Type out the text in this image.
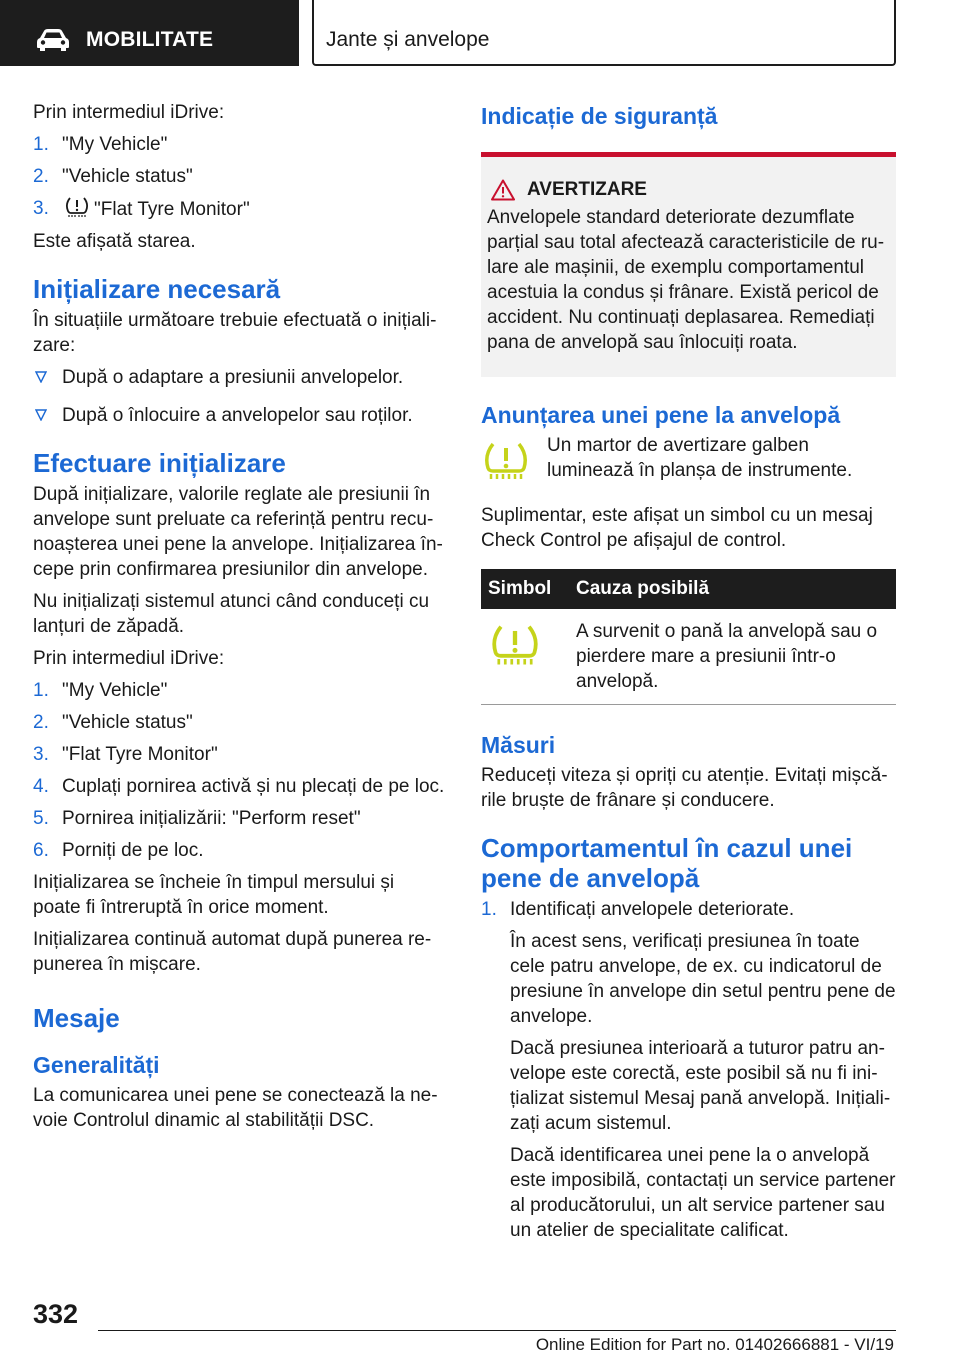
MOBILITATE	Jante și anvelope

Prin intermediul iDrive:

1. "My Vehicle"
2. "Vehicle status"
3. "Flat Tyre Monitor"

Este afișată starea.

Inițializare necesară

În situațiile următoare trebuie efectuată o inițializare:

După o adaptare a presiunii anvelopelor.
După o înlocuire a anvelopelor sau roților.
Efectuare inițializare

După inițializare, valorile reglate ale presiunii în anvelope sunt preluate ca referință pentru recunoașterea unei pene la anvelope. Inițializarea începe prin confirmarea presiunilor din anvelope.

Nu inițializați sistemul atunci când conduceți cu lanțuri de zăpadă.

Prin intermediul iDrive:

1. "My Vehicle"
2. "Vehicle status"
3. "Flat Tyre Monitor"
4. Cuplați pornirea activă și nu plecați de pe loc.
5. Pornirea inițializării: "Perform reset"
6. Porniți de pe loc.

Inițializarea se încheie în timpul mersului și poate fi întreruptă în orice moment.

Inițializarea continuă automat după punerea repunerea în mișcare.

Mesaje
Generalități

La comunicarea unei pene se conectează la nevoie Controlul dinamic al stabilității DSC.

Indicație de siguranță
AVERTIZARE

Anvelopele standard deteriorate dezumflate parțial sau total afectează caracteristicile de rulare ale mașinii, de exemplu comportamentul acestuia la condus și frânare. Există pericol de accident. Nu continuați deplasarea. Remediați pana de anvelopă sau înlocuiți roata.

Anunțarea unei pene la anvelopă

Un martor de avertizare galben luminează în planșa de instrumente.

Suplimentar, este afișat un simbol cu un mesaj Check Control pe afișajul de control.

Simbol	Cauza posibilă
	A survenit o pană la anvelopă sau o pierdere mare a presiunii într-o anvelopă.
Măsuri

Reduceți viteza și opriți cu atenție. Evitați mișcările bruște de frânare și conducere.

Comportamentul în cazul unei pene de anvelopă
1. Identificați anvelopele deteriorate.

În acest sens, verificați presiunea în toate cele patru anvelope, de ex. cu indicatorul de presiune în anvelope din setul pentru pene de anvelope.

Dacă presiunea interioară a tuturor patru anvelope este corectă, este posibil să nu fi inițializat sistemul Mesaj pană anvelopă. Inițializați acum sistemul.

Dacă identificarea unei pene la o anvelopă este imposibilă, contactați un service partener al producătorului, un alt service partener sau un atelier de specialitate calificat.

332
Online Edition for Part no. 01402666881 - VI/19
